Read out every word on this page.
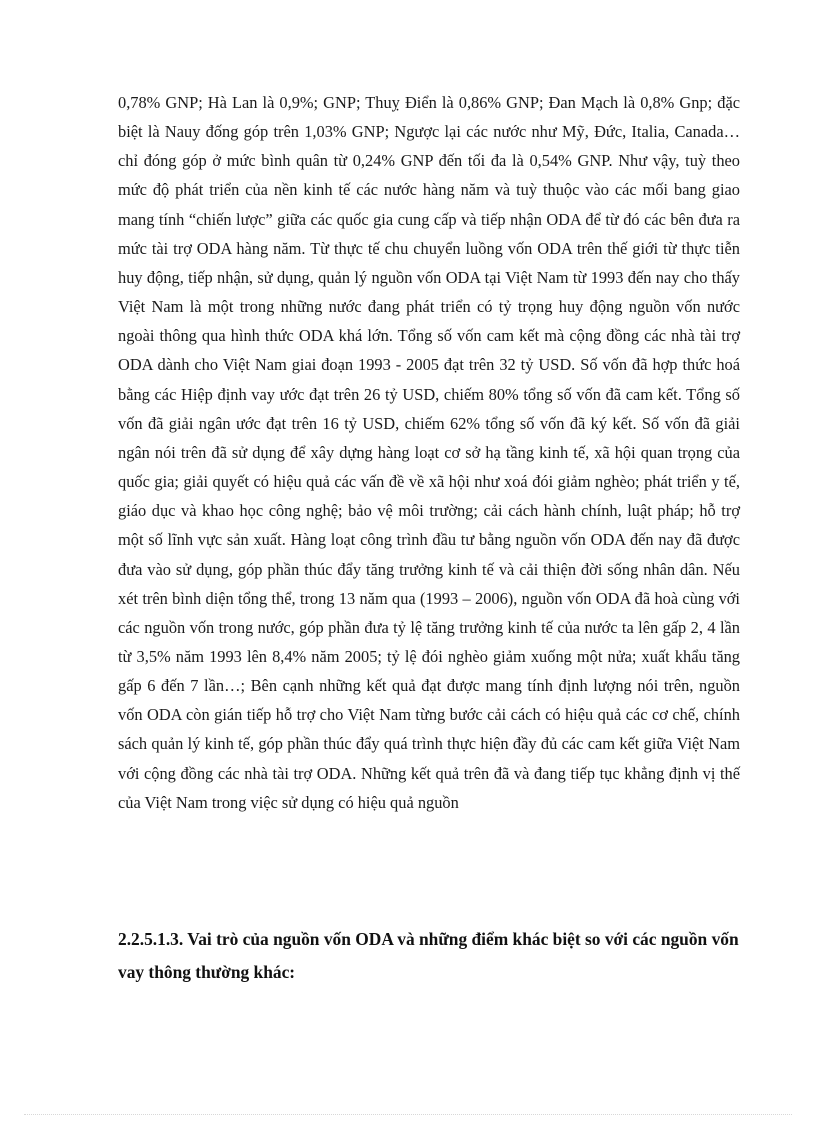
0,78% GNP; Hà Lan là 0,9%; GNP; Thuỵ Điển là 0,86% GNP; Đan Mạch là 0,8% Gnp; đặc biệt là Nauy đống góp trên 1,03% GNP; Ngược lại các nước như Mỹ, Đức, Italia, Canada… chỉ đóng góp ở mức bình quân từ 0,24% GNP đến tối đa là 0,54% GNP. Như vậy, tuỳ theo mức độ phát triển của nền kinh tế các nước hàng năm và tuỳ thuộc vào các mối bang giao mang tính “chiến lược” giữa các quốc gia cung cấp và tiếp nhận ODA để từ đó các bên đưa ra mức tài trợ ODA hàng năm. Từ thực tế chu chuyển luồng vốn ODA trên thế giới từ thực tiễn huy động, tiếp nhận, sử dụng, quản lý nguồn vốn ODA tại Việt Nam từ 1993 đến nay cho thấy Việt Nam là một trong những nước đang phát triển có tỷ trọng huy động nguồn vốn nước ngoài thông qua hình thức ODA khá lớn. Tổng số vốn cam kết mà cộng đồng các nhà tài trợ ODA dành cho Việt Nam giai đoạn 1993 - 2005 đạt trên 32 tỷ USD. Số vốn đã hợp thức hoá bằng các Hiệp định vay ước đạt trên 26 tỷ USD, chiếm 80% tổng số vốn đã cam kết. Tổng số vốn đã giải ngân ước đạt trên 16 tỷ USD, chiếm 62% tổng số vốn đã ký kết. Số vốn đã giải ngân nói trên đã sử dụng để xây dựng hàng loạt cơ sở hạ tầng kinh tế, xã hội quan trọng của quốc gia; giải quyết có hiệu quả các vấn đề về xã hội như xoá đói giảm nghèo; phát triển y tế, giáo dục và khao học công nghệ; bảo vệ môi trường; cải cách hành chính, luật pháp; hỗ trợ một số lĩnh vực sản xuất. Hàng loạt công trình đầu tư bằng nguồn vốn ODA đến nay đã được đưa vào sử dụng, góp phần thúc đẩy tăng trưởng kinh tế và cải thiện đời sống nhân dân. Nếu xét trên bình diện tổng thể, trong 13 năm qua (1993 – 2006), nguồn vốn ODA đã hoà cùng với các nguồn vốn trong nước, góp phần đưa tỷ lệ tăng trưởng kinh tế của nước ta lên gấp 2, 4 lần từ 3,5% năm 1993 lên 8,4% năm 2005; tỷ lệ đói nghèo giảm xuống một nửa; xuất khẩu tăng gấp 6 đến 7 lần…; Bên cạnh những kết quả đạt được mang tính định lượng nói trên, nguồn vốn ODA còn gián tiếp hỗ trợ cho Việt Nam từng bước cải cách có hiệu quả các cơ chế, chính sách quản lý kinh tế, góp phần thúc đẩy quá trình thực hiện đầy đủ các cam kết giữa Việt Nam với cộng đồng các nhà tài trợ ODA. Những kết quả trên đã và đang tiếp tục khẳng định vị thế của Việt Nam trong việc sử dụng có hiệu quả nguồn

2.2.5.1.3. Vai trò của nguồn vốn ODA và những điểm khác biệt so với các nguồn vốn vay thông thường khác:
